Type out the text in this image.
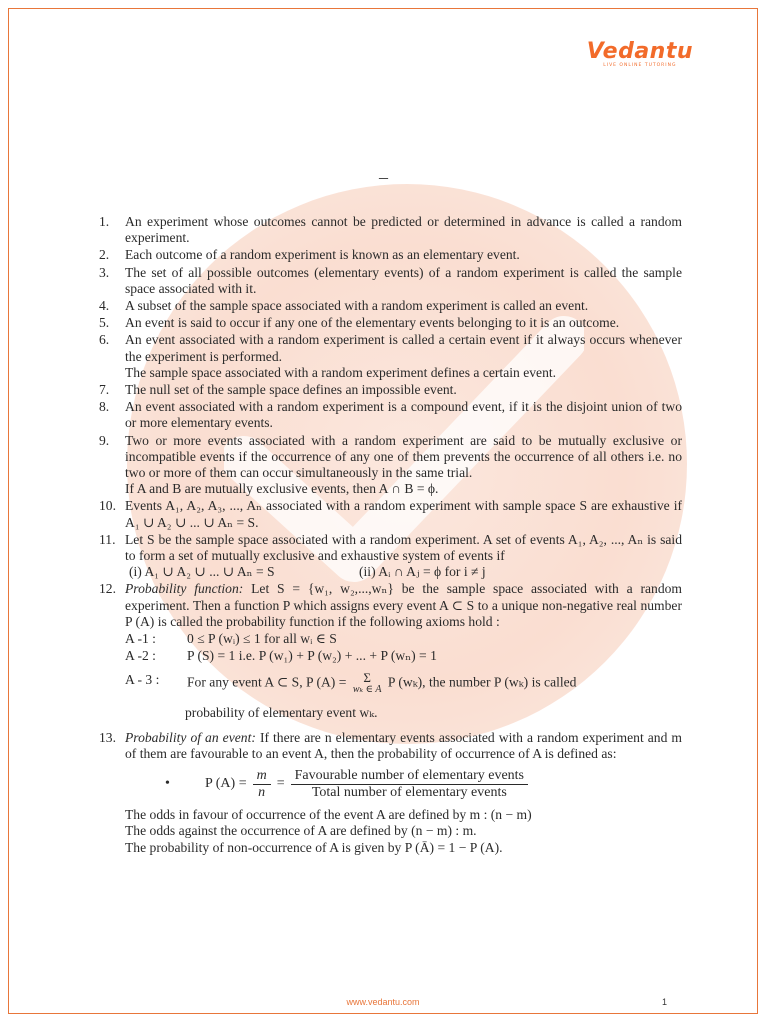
Vedantu
LIVE ONLINE TUTORING
–
1. An experiment whose outcomes cannot be predicted or determined in advance is called a random experiment.
2. Each outcome of a random experiment is known as an elementary event.
3. The set of all possible outcomes (elementary events) of a random experiment is called the sample space associated with it.
4. A subset of the sample space associated with a random experiment is called an event.
5. An event is said to occur if any one of the elementary events belonging to it is an outcome.
6. An event associated with a random experiment is called a certain event if it always occurs whenever the experiment is performed.
The sample space associated with a random experiment defines a certain event.
7. The null set of the sample space defines an impossible event.
8. An event associated with a random experiment is a compound event, if it is the disjoint union of two or more elementary events.
9. Two or more events associated with a random experiment are said to be mutually exclusive or incompatible events if the occurrence of any one of them prevents the occurrence of all others i.e. no two or more of them can occur simultaneously in the same trial.
If A and B are mutually exclusive events, then A ∩ B = ϕ.
10. Events A₁, A₂, A₃, ..., Aₙ associated with a random experiment with sample space S are exhaustive if A₁ ∪ A₂ ∪ ... ∪ Aₙ = S.
11. Let S be the sample space associated with a random experiment. A set of events A₁, A₂, ..., Aₙ is said to form a set of mutually exclusive and exhaustive system of events if
(i) A₁ ∪ A₂ ∪ ... ∪ Aₙ = S	(ii) Aᵢ ∩ Aⱼ = ϕ for i ≠ j
12. Probability function: Let S = {w₁, w₂,...,wₙ} be the sample space associated with a random experiment. Then a function P which assigns every event A ⊂ S to a unique non-negative real number P (A) is called the probability function if the following axioms hold :
A -1 :	0 ≤ P (wᵢ) ≤ 1 for all wᵢ ∈ S
A -2 :	P (S) = 1 i.e. P (w₁) + P (w₂) + ... + P (wₙ) = 1
A - 3 :	For any event A ⊂ S, P (A) =	Σ
wₖ ∈ A P (wₖ), the number P (wₖ) is called
probability of elementary event wₖ.
13. Probability of an event: If there are n elementary events associated with a random experiment and m of them are favourable to an event A, then the probability of occurrence of A is defined as:
•	P $(A) = \frac{m}{n} = \frac{\text{Favourable number of elementary events}}{\text{Total number of elementary events}}$
The odds in favour of occurrence of the event A are defined by m : (n − m)
The odds against the occurrence of A are defined by (n − m) : m.
The probability of non-occurrence of A is given by P (Ā) = 1 − P (A).
www.vedantu.com	1
